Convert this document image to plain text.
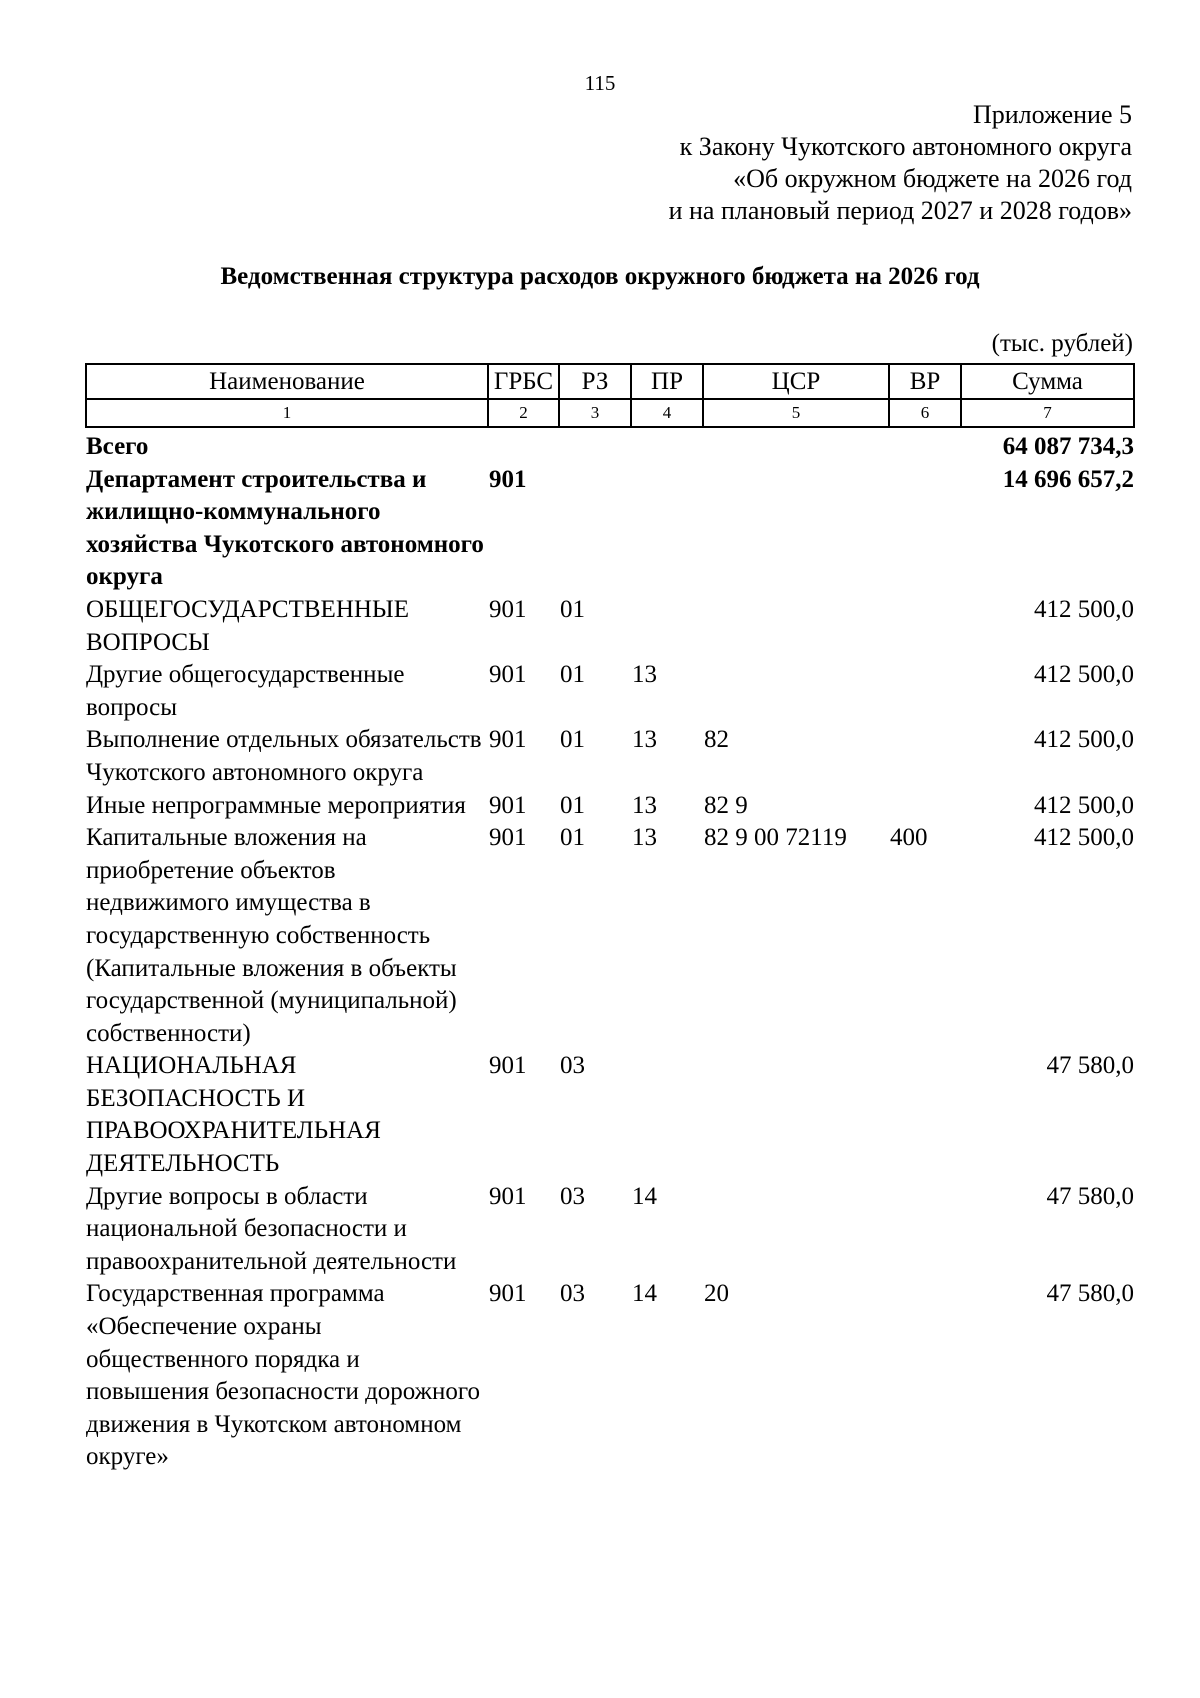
115
Приложение 5
к Закону Чукотского автономного округа
«Об окружном бюджете на 2026 год
и на плановый период 2027 и 2028 годов»
Ведомственная структура расходов окружного бюджета на 2026 год
(тыс. рублей)
Наименование	ГРБС	РЗ	ПР	ЦСР	ВР	Сумма
1	2	3	4	5	6	7
Всего						64 087 734,3
Департамент строительства и жилищно-коммунального хозяйства Чукотского автономного округа	901					14 696 657,2
ОБЩЕГОСУДАРСТВЕННЫЕ ВОПРОСЫ	901	01				412 500,0
Другие общегосударственные вопросы	901	01	13			412 500,0
Выполнение отдельных обязательств Чукотского автономного округа	901	01	13	82		412 500,0
Иные непрограммные мероприятия	901	01	13	82 9		412 500,0
Капитальные вложения на приобретение объектов недвижимого имущества в государственную собственность (Капитальные вложения в объекты государственной (муниципальной) собственности)	901	01	13	82 9 00 72119	400	412 500,0
НАЦИОНАЛЬНАЯ БЕЗОПАСНОСТЬ И ПРАВООХРАНИТЕЛЬНАЯ ДЕЯТЕЛЬНОСТЬ	901	03				47 580,0
Другие вопросы в области национальной безопасности и правоохранительной деятельности	901	03	14			47 580,0
Государственная программа «Обеспечение охраны общественного порядка и повышения безопасности дорожного движения в Чукотском автономном округе»	901	03	14	20		47 580,0
